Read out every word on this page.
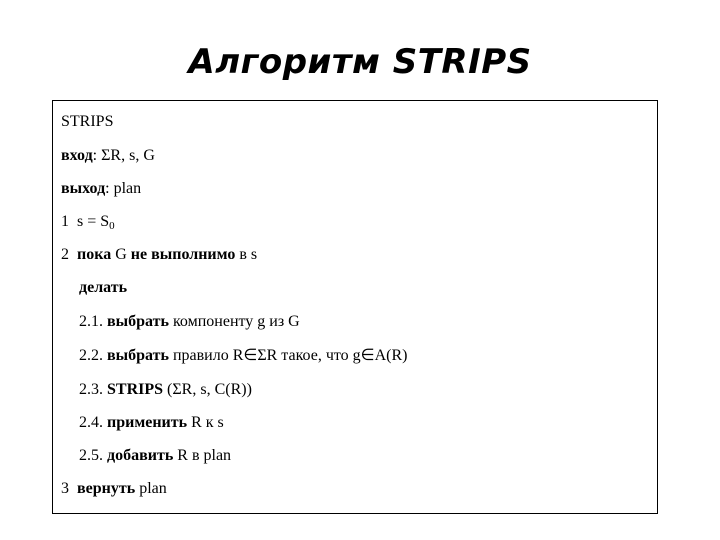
Алгоритм STRIPS
STRIPS
вход: ΣR, s, G
выход: plan
1 $s = S_0$
2 пока G не выполнимо в s
делать
2.1. выбрать компоненту g из G
2.2. выбрать правило R∈ΣR такое, что g∈A(R)
2.3. STRIPS (ΣR, s, C(R))
2.4. применить R к s
2.5. добавить R в plan
3 вернуть plan
